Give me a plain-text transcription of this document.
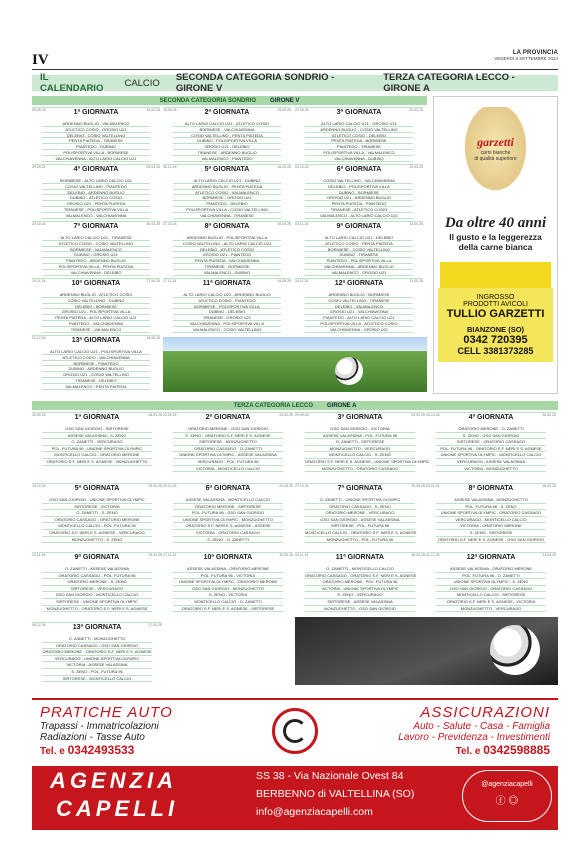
IV	LA PROVINCIA
VENERDÌ 6 SETTEMBRE 2024
IL CALENDARIO	CALCIO SECONDA CATEGORIA SONDRIO - GIRONE V
TERZA CATEGORIA LECCO - GIRONE A
SECONDA CATEGORIA SONDRIO GIRONE V
08.09.24	1ª GIORNATA	15.02.25
ARDENNO BUGLIO - VALMALENCO
ATLETICO COSIO - GROSIO U21
DELEBIO - COSIO VALTELLINO
PENTA PIATEDA - TIRANESE
PIANTEDO - DUBINO
POLISPORTIVA VILLA - BORMIESE
VALCHIAVENNA - ALTO LARIO CALCIO U21
15.09.24	2ª GIORNATA	23.02.25
ALTO LARIO CALCIO U21 - ATLETICO COSIO
BORMIESE - VALCHIAVENNA
COSIO VALTELLINO - PENTA PIATEDA
DUBINO - POLISPORTIVA VILLA
GROSIO U21 - DELEBIO
TIRANESE - ARDENNO BUGLIO
VALMALENCO - PIANTEDO
22.09.24	3ª GIORNATA	02.03.25
ALTO LARIO CALCIO U21 - GROSIO U21
ARDENNO BUGLIO - COSIO VALTELLINO
ATLETICO COSIO - DELEBIO
PENTA PIATEDA - BORMIESE
PIANTEDO - TIRANESE
POLISPORTIVA VILLA - VALMALENCO
VALCHIAVENNA - DUBINO
29.09.24	4ª GIORNATA	09.03.25
BORMIESE - ALTO LARIO CALCIO U21
COSIO VALTELLINO - PIANTEDO
DELEBIO - ARDENNO BUGLIO
DUBINO - ATLETICO COSIO
GROSIO U21 - PENTA PIATEDA
TIRANESE - POLISPORTIVA VILLA
VALMALENCO - VALCHIAVENNA
06.10.24	5ª GIORNATA	16.03.25
ALTO LARIO CALCIO U21 - DUBINO
ARDENNO BUGLIO - PENTA PIATEDA
ATLETICO COSIO - VALMALENCO
BORMIESE - GROSIO U21
PIANTEDO - DELEBIO
POLISPORTIVA VILLA - COSIO VALTELLINO
VALCHIAVENNA - TIRANESE
13.10.24	6ª GIORNATA	23.03.25
COSIO VALTELLINO - VALCHIAVENNA
DELEBIO - POLISPORTIVA VILLA
DUBINO - BORMIESE
GROSIO U21 - ARDENNO BUGLIO
PENTA PIATEDA - PIANTEDO
TIRANESE - ATLETICO COSIO
VALMALENCO - ALTO LARIO CALCIO U21
20.10.24	7ª GIORNATA	30.03.25
ALTO LARIO CALCIO U21 - TIRANESE
ATLETICO COSIO - COSIO VALTELLINO
BORMIESE - VALMALENCO
DUBINO - GROSIO U21
PIANTEDO - ARDENNO BUGLIO
POLISPORTIVA VILLA - PENTA PIATEDA
VALCHIAVENNA - DELEBIO
27.10.24	8ª GIORNATA	06.04.25
ARDENNO BUGLIO - POLISPORTIVA VILLA
COSIO VALTELLINO - ALTO LARIO CALCIO U21
DELEBIO - ATLETICO COSIO
GROSIO U21 - PIANTEDO
PENTA PIATEDA - VALCHIAVENNA
TIRANESE - BORMIESE
VALMALENCO - DUBINO
03.11.24	9ª GIORNATA	13.04.25
ALTO LARIO CALCIO U21 - DELEBIO
ATLETICO COSIO - PENTA PIATEDA
BORMIESE - COSIO VALTELLINO
DUBINO - TIRANESE
PIANTEDO - POLISPORTIVA VILLA
VALCHIAVENNA - ARDENNO BUGLIO
VALMALENCO - GROSIO U21
10.11.24	10ª GIORNATA	27.04.25
ARDENNO BUGLIO - ATLETICO COSIO
COSIO VALTELLINO - DUBINO
DELEBIO - BORMIESE
GROSIO U21 - POLISPORTIVA VILLA
PENTA PIATEDA - ALTO LARIO CALCIO U21
PIANTEDO - VALCHIAVENNA
TIRANESE - VALMALENCO
17.11.24	11ª GIORNATA	04.05.25
ALTO LARIO CALCIO U21 - ARDENNO BUGLIO
ATLETICO COSIO - PIANTEDO
BORMIESE - POLISPORTIVA VILLA
DUBINO - DELEBIO
TIRANESE - GROSIO U21
VALCHIAVENNA - POLISPORTIVA VILLA
VALMALENCO - COSIO VALTELLINO
24.11.24	12ª GIORNATA	11.05.25
ARDENNO BUGLIO - BORMIESE
COSIO VALTELLINO - TIRANESE
DELEBIO - VALMALENCO
GROSIO U21 - VALCHIAVENNA
PIANTEDO - ALTO LARIO CALCIO U21
POLISPORTIVA VILLA - ATLETICO COSIO
VALCHIAVENNA - GROSIO U21
01.12.24	13ª GIORNATA	18.05.25
ALTO LARIO CALCIO U21 - POLISPORTIVA VILLA
ATLETICO COSIO - VALCHIAVENNA
BORMIESE - PIANTEDO
DUBINO - ARDENNO BUGLIO
GROSIO U21 - COSIO VALTELLINO
TIRANESE - DELEBIO
VALMALENCO - PENTA PIATEDA
TERZA CATEGORIA LECCO GIRONE A
15.09.24	1ª GIORNATA	26.01.25
GSO SAN GIORGIO - SIRTORESE
ASSESE VALASSINA - S. ZENO
O. ZANETTI - VERCURAGO
POL. FUTURA 96 - UNIONE SPORTIVA OLYMPIC
MONTICELLO CALCIO - ORATORIO MERONE
ORATORIO S.F. NERI E S. AGNESE - MONZUGHETTO
22.09.24	2ª GIORNATA	02.02.25
ORATORIO MERONE - GSO SAN GIORGIO
S. ZENO - ORATORIO S.F. NERI E S. AGNESE
SIRTORESE - MONZUGHETTO
ORATORIO CASSAGO - O. ZANETTI
UNIONE SPORTIVA OLYMPIC - ASSESE VALASSINA
VERCURAGO - POL. FUTURA 96
VICTORIA - MONTICELLO CALCIO
29.09.24	3ª GIORNATA	09.02.25
GSO SAN GIORGIO - VICTORIA
ASSESE VALASSINA - POL. FUTURA 96
O. ZANETTI - SIRTORESE
MONZUGHETTO - VERCURAGO
MONTICELLO CALCIO - S. ZENO
ORATORIO S.F. NERI E S. AGNESE - UNIONE SPORTIVA OLYMPIC
MONZUGHETTO - ORATORIO CASSAGO
06.10.24	4ª GIORNATA	16.02.25
ORATORIO MERONE - O. ZANETTI
S. ZENO - GSO SAN GIORGIO
SIRTORESE - ORATORIO CASSAGO
POL. FUTURA 96 - ORATORIO S.F. NERI E S. AGNESE
UNIONE SPORTIVA OLYMPIC - MONTICELLO CALCIO
VERCURAGO - ASSESE VALASSINA
VICTORIA - MONZUGHETTO
13.10.24	5ª GIORNATA	23.02.25
GSO SAN GIORGIO - UNIONE SPORTIVA OLYMPIC
SIRTORESE - VICTORIA
O. ZANETTI - S. ZENO
ORATORIO CASSAGO - ORATORIO MERONE
MONTICELLO CALCIO - POL. FUTURA 96
ORATORIO S.F. NERI E S. AGNESE - VERCURAGO
MONZUGHETTO - S. ZENO
20.10.24	6ª GIORNATA	02.03.25
ASSESE VALASSINA - MONTICELLO CALCIO
ORATORIO MERONE - SIRTORESE
POL. FUTURA 96 - GSO SAN GIORGIO
UNIONE SPORTIVA OLYMPIC - MONZUGHETTO
ORATORIO S.F. NERI E S. AGNESE - ASSESE
VICTORIA - ORATORIO CASSAGO
S. ZENO - O. ZANETTI
27.10.24	7ª GIORNATA	09.03.25
O. ZANETTI - UNIONE SPORTIVA OLYMPIC
ORATORIO CASSAGO - S. ZENO
ORATORIO MERONE - VERCURAGO
GSO SAN GIORGIO - ASSESE VALASSINA
SIRTORESE - POL. FUTURA 96
MONTICELLO CALCIO - ORATORIO S.F. NERI E S. AGNESE
MONZUGHETTO - POL. FUTURA 96
03.11.24	8ª GIORNATA	16.03.25
ASSESE VALASSINA - MONZUGHETTO
POL. FUTURA 96 - S. ZENO
UNIONE SPORTIVA OLYMPIC - ORATORIO CASSAGO
VERCURAGO - MONTICELLO CALCIO
VICTORIA - ORATORIO MERONE
S. ZENO - SIRTORESE
ORATORIO S.F. NERI E S. AGNESE - GSO SAN GIORGIO
10.11.24	9ª GIORNATA	23.03.25
O. ZANETTI - ASSESE VALASSINA
ORATORIO CASSAGO - POL. FUTURA 96
ORATORIO MERONE - S. ZENO
SIRTORESE - VERCURAGO
GSO SAN GIORGIO - MONTICELLO CALCIO
SIRTORESE - UNIONE SPORTIVA OLYMPIC
MONZUGHETTO - ORATORIO S.F. NERI E S. AGNESE
17.11.24	10ª GIORNATA	30.03.25
ASSESE VALASSINA - ORATORIO MERONE
POL. FUTURA 96 - VICTORIA
UNIONE SPORTIVA OLYMPIC - ORATORIO MERONE
GSO SAN GIORGIO - MONZUGHETTO
S. ZENO - VICTORIA
MONTICELLO CALCIO - O. ZANETTI
ORATORIO S.F. NERI E S. AGNESE - SIRTORESE
24.11.24	11ª GIORNATA	06.04.25
O. ZANETTI - MONTICELLO CALCIO
ORATORIO CASSAGO - ORATORIO S.F. NERI E S. AGNESE
ORATORIO MERONE - POL. FUTURA 96
VICTORIA - UNIONE SPORTIVA OLYMPIC
S. ZENO - VERCURAGO
SIRTORESE - ASSESE VALASSINA
MONZUGHETTO - GSO SAN GIORGIO
01.12.24	12ª GIORNATA	13.04.25
ASSESE VALASSINA - ORATORIO MERONE
POL. FUTURA 96 - O. ZANETTI
UNIONE SPORTIVA OLYMPIC - S. ZENO
GSO SAN GIORGIO - ORATORIO CASSAGO
MONTICELLO CALCIO - SIRTORESE
ORATORIO S.F. NERI E S. AGNESE - VICTORIA
MONZUGHETTO - VERCURAGO
08.12.24	13ª GIORNATA	27.04.25
O. ZANETTI - MONZUGHETTO
ORATORIO CASSAGO - GSO SAN GIORGIO
ORATORIO MERONE - ORATORIO S.F. NERI E S. AGNESE
VERCURAGO - UNIONE SPORTIVA OLYMPIC
VICTORIA - ASSESE VALASSINA
S. ZENO - POL. FUTURA 96
SIRTORESE - MONTICELLO CALCIO
garzetti
carni bianche
di qualità superiore
Da oltre 40 anni
Il gusto e la leggerezza
della carne bianca
INGROSSO
PRODOTTI AVICOLI
TULLIO GARZETTI
BIANZONE (SO)
0342 720395
CELL 3381373285
PRATICHE AUTO
Trapassi - Immatricolazioni
Radiazioni - Tasse Auto
Tel. e 0342493533
ASSICURAZIONI
Auto - Salute - Casa - Famiglia
Lavoro - Previdenza - Investimenti
Tel. e 0342598885
AGENZIA
CAPELLI
SS 38 - Via Nazionale Ovest 84
BERBENNO di VALTELLINA (SO)
info@agenziacapelli.com
@agenziacapelli
ⓕ ◎
